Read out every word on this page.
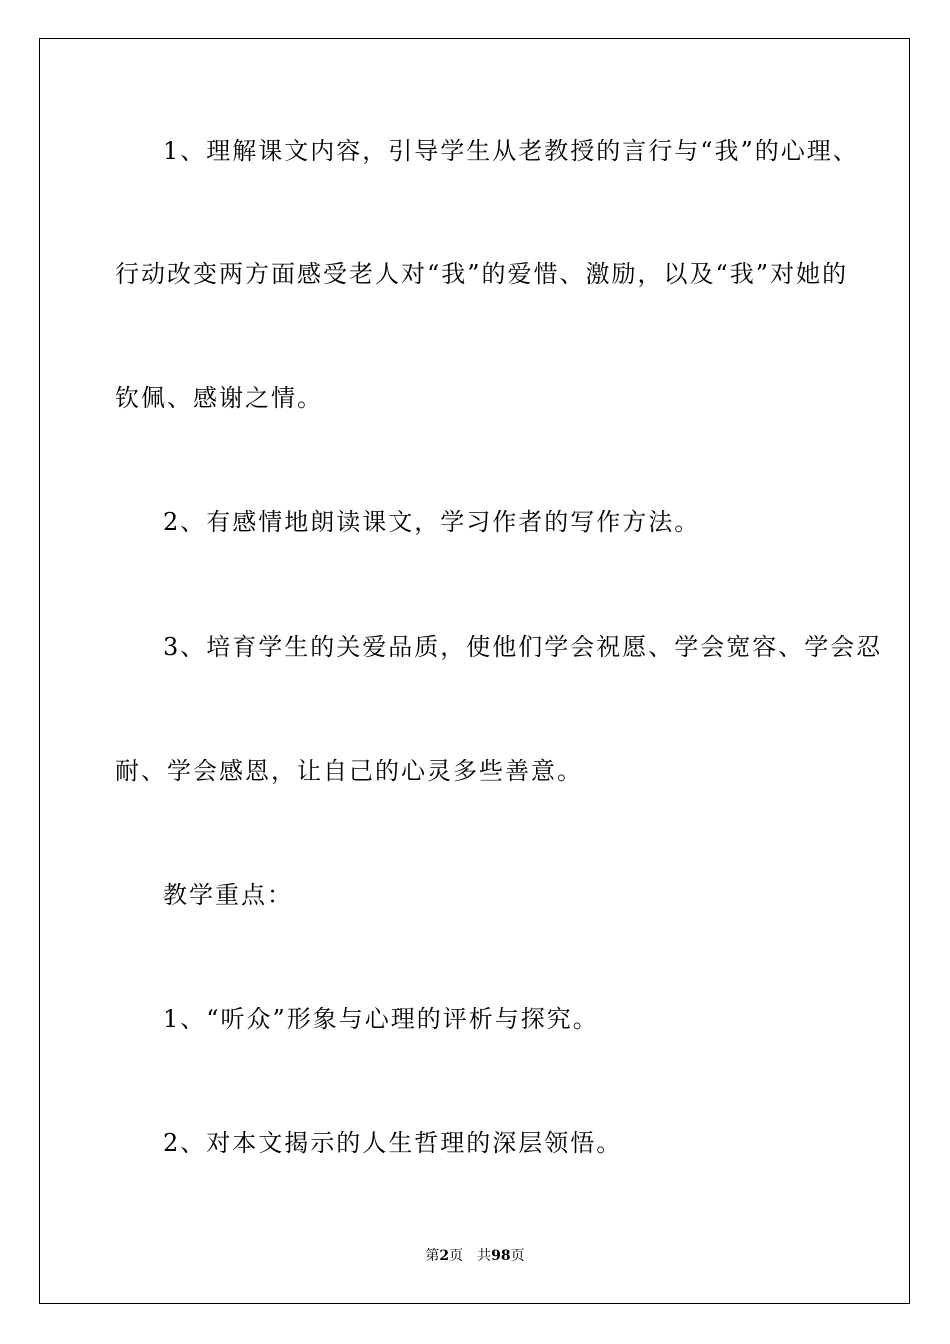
1、理解课文内容，引导学生从老教授的言行与“我”的心理、
行动改变两方面感受老人对“我”的爱惜、激励，以及“我”对她的
钦佩、感谢之情。
2、有感情地朗读课文，学习作者的写作方法。
3、培育学生的关爱品质，使他们学会祝愿、学会宽容、学会忍
耐、学会感恩，让自己的心灵多些善意。
教学重点：
1、“听众”形象与心理的评析与探究。
2、对本文揭示的人生哲理的深层领悟。
第2页 共98页
